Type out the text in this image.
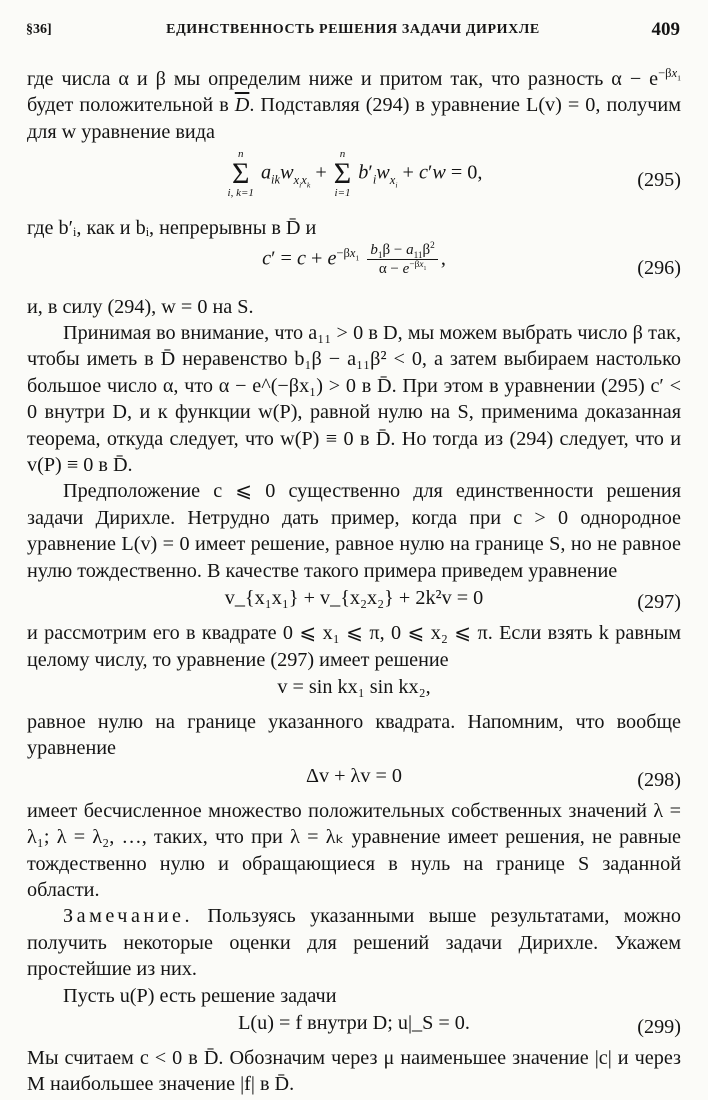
§36]	ЕДИНСТВЕННОСТЬ РЕШЕНИЯ ЗАДАЧИ ДИРИХЛЕ	409

где числа α и β мы определим ниже и притом так, что разность $\alpha - e^{-\beta x_1}$ будет положительной в $\overline{D}$. Подставляя (294) в уравнение L(v) = 0, получим для w уравнение вида

n
Σ
i, k=1
$a_{ik}w_{x_ix_k}$ +
n
Σ
i=1
$b'_iw_{x_i} + c'w = 0$,	(295)

где b′ᵢ, как и bᵢ, непрерывны в D̄ и

$c' = c + e^{-\beta x_1} \frac{b_1\beta - a_{11}\beta^2}{\alpha - e^{-\beta x_1}}$ ,	(296)

и, в силу (294), w = 0 на S.

Принимая во внимание, что a₁₁ > 0 в D, мы можем выбрать число β так, чтобы иметь в D̄ неравенство b₁β − a₁₁β² < 0, а затем выбираем настолько большое число α, что α − e^(−βx₁) > 0 в D̄. При этом в уравнении (295) c′ < 0 внутри D, и к функции w(P), равной нулю на S, применима доказанная теорема, откуда следует, что w(P) ≡ 0 в D̄. Но тогда из (294) следует, что и v(P) ≡ 0 в D̄.

Предположение c ⩽ 0 существенно для единственности решения задачи Дирихле. Нетрудно дать пример, когда при c > 0 однородное уравнение L(v) = 0 имеет решение, равное нулю на границе S, но не равное нулю тождественно. В качестве такого примера приведем уравнение

v_{x₁x₁} + v_{x₂x₂} + 2k²v = 0	(297)

и рассмотрим его в квадрате 0 ⩽ x₁ ⩽ π, 0 ⩽ x₂ ⩽ π. Если взять k равным целому числу, то уравнение (297) имеет решение

v = sin kx₁ sin kx₂,

равное нулю на границе указанного квадрата. Напомним, что вообще уравнение

Δv + λv = 0	(298)

имеет бесчисленное множество положительных собственных значений λ = λ₁; λ = λ₂, …, таких, что при λ = λₖ уравнение имеет решения, не равные тождественно нулю и обращающиеся в нуль на границе S заданной области.

Замечание. Пользуясь указанными выше результатами, можно получить некоторые оценки для решений задачи Дирихле. Укажем простейшие из них.

Пусть u(P) есть решение задачи

L(u) = f внутри D; u|_S = 0.	(299)

Мы считаем c < 0 в D̄. Обозначим через μ наименьшее значение |c| и через M наибольшее значение |f| в D̄.
